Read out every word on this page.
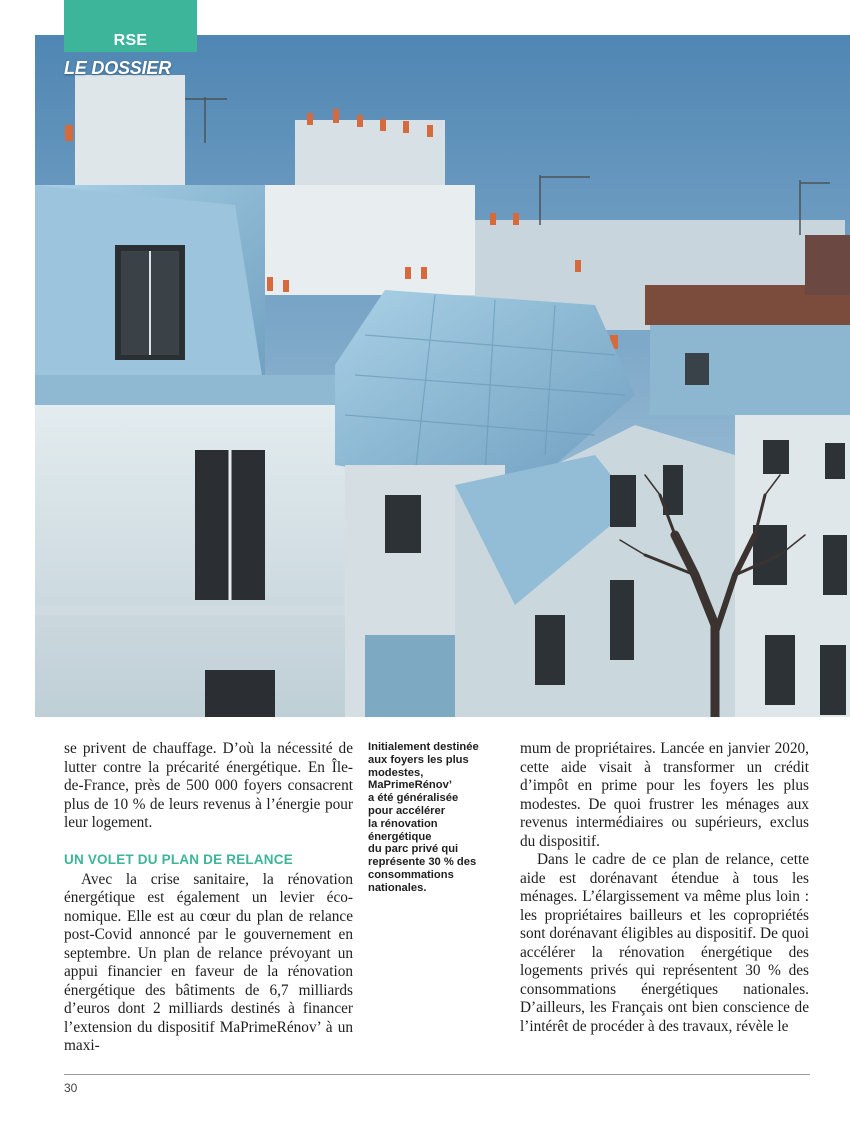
RSE
LE DOSSIER

se privent de chauffage. D’où la nécessité de lutter contre la précarité énergétique. En Île-de-France, près de 500 000 foyers consacrent plus de 10 % de leurs revenus à l’énergie pour leur logement.

UN VOLET DU PLAN DE RELANCE

Avec la crise sanitaire, la rénovation énergétique est également un levier économique. Elle est au cœur du plan de relance post-Covid annoncé par le gouvernement en septembre. Un plan de relance prévoyant un appui financier en faveur de la rénovation énergétique des bâtiments de 6,7 milliards d’euros dont 2 milliards destinés à financer l’extension du dispositif MaPrimeRénov’ à un maxi-

Initialement destinée
aux foyers les plus
modestes,
MaPrimeRénov’
a été généralisée
pour accélérer
la rénovation
énergétique
du parc privé qui
représente 30 % des
consommations
nationales.

mum de propriétaires. Lancée en janvier 2020, cette aide visait à transformer un crédit d’impôt en prime pour les foyers les plus modestes. De quoi frustrer les ménages aux revenus intermédiaires ou supérieurs, exclus du dispositif.

Dans le cadre de ce plan de relance, cette aide est dorénavant étendue à tous les ménages. L’élargissement va même plus loin : les propriétaires bailleurs et les copropriétés sont dorénavant éligibles au dispositif. De quoi accélérer la rénovation énergétique des logements privés qui représentent 30 % des consommations énergétiques nationales. D’ailleurs, les Français ont bien conscience de l’intérêt de procéder à des travaux, révèle le

30
